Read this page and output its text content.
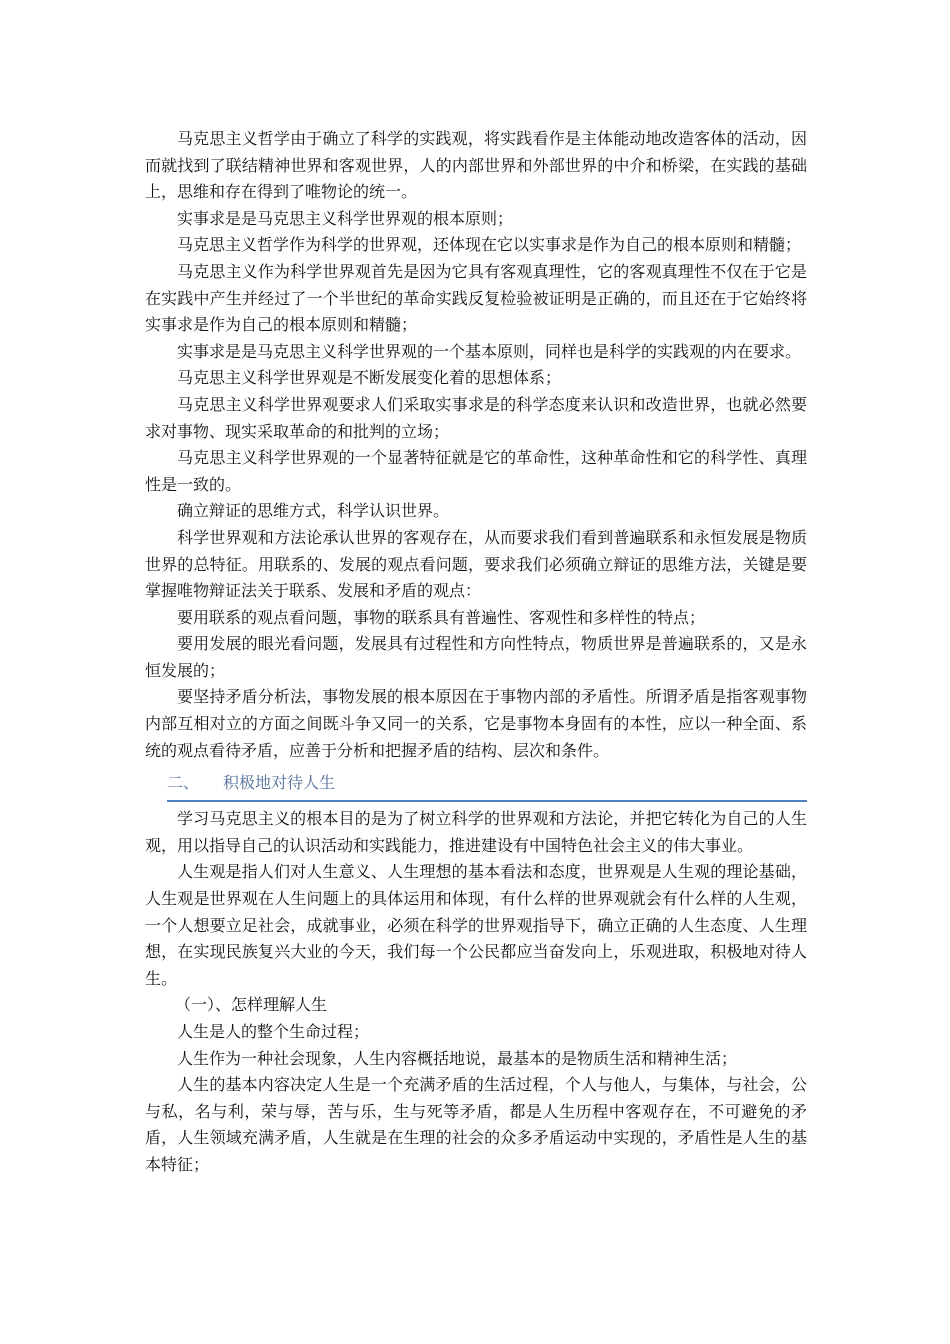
马克思主义哲学由于确立了科学的实践观，将实践看作是主体能动地改造客体的活动，因而就找到了联结精神世界和客观世界，人的内部世界和外部世界的中介和桥梁，在实践的基础上，思维和存在得到了唯物论的统一。

实事求是是马克思主义科学世界观的根本原则；

马克思主义哲学作为科学的世界观，还体现在它以实事求是作为自己的根本原则和精髓；

马克思主义作为科学世界观首先是因为它具有客观真理性，它的客观真理性不仅在于它是在实践中产生并经过了一个半世纪的革命实践反复检验被证明是正确的，而且还在于它始终将实事求是作为自己的根本原则和精髓；

实事求是是马克思主义科学世界观的一个基本原则，同样也是科学的实践观的内在要求。

马克思主义科学世界观是不断发展变化着的思想体系；

马克思主义科学世界观要求人们采取实事求是的科学态度来认识和改造世界，也就必然要求对事物、现实采取革命的和批判的立场；

马克思主义科学世界观的一个显著特征就是它的革命性，这种革命性和它的科学性、真理性是一致的。

确立辩证的思维方式，科学认识世界。

科学世界观和方法论承认世界的客观存在，从而要求我们看到普遍联系和永恒发展是物质世界的总特征。用联系的、发展的观点看问题，要求我们必须确立辩证的思维方法，关键是要掌握唯物辩证法关于联系、发展和矛盾的观点：

要用联系的观点看问题，事物的联系具有普遍性、客观性和多样性的特点；

要用发展的眼光看问题，发展具有过程性和方向性特点，物质世界是普遍联系的，又是永恒发展的；

要坚持矛盾分析法，事物发展的根本原因在于事物内部的矛盾性。所谓矛盾是指客观事物内部互相对立的方面之间既斗争又同一的关系，它是事物本身固有的本性，应以一种全面、系统的观点看待矛盾，应善于分析和把握矛盾的结构、层次和条件。

二、 积极地对待人生

学习马克思主义的根本目的是为了树立科学的世界观和方法论，并把它转化为自己的人生观，用以指导自己的认识活动和实践能力，推进建设有中国特色社会主义的伟大事业。

人生观是指人们对人生意义、人生理想的基本看法和态度，世界观是人生观的理论基础，人生观是世界观在人生问题上的具体运用和体现，有什么样的世界观就会有什么样的人生观，一个人想要立足社会，成就事业，必须在科学的世界观指导下，确立正确的人生态度、人生理想，在实现民族复兴大业的今天，我们每一个公民都应当奋发向上，乐观进取，积极地对待人生。

（一）、怎样理解人生

人生是人的整个生命过程；

人生作为一种社会现象，人生内容概括地说，最基本的是物质生活和精神生活；

人生的基本内容决定人生是一个充满矛盾的生活过程，个人与他人，与集体，与社会，公与私，名与利，荣与辱，苦与乐，生与死等矛盾，都是人生历程中客观存在，不可避免的矛盾，人生领域充满矛盾，人生就是在生理的社会的众多矛盾运动中实现的，矛盾性是人生的基本特征；
